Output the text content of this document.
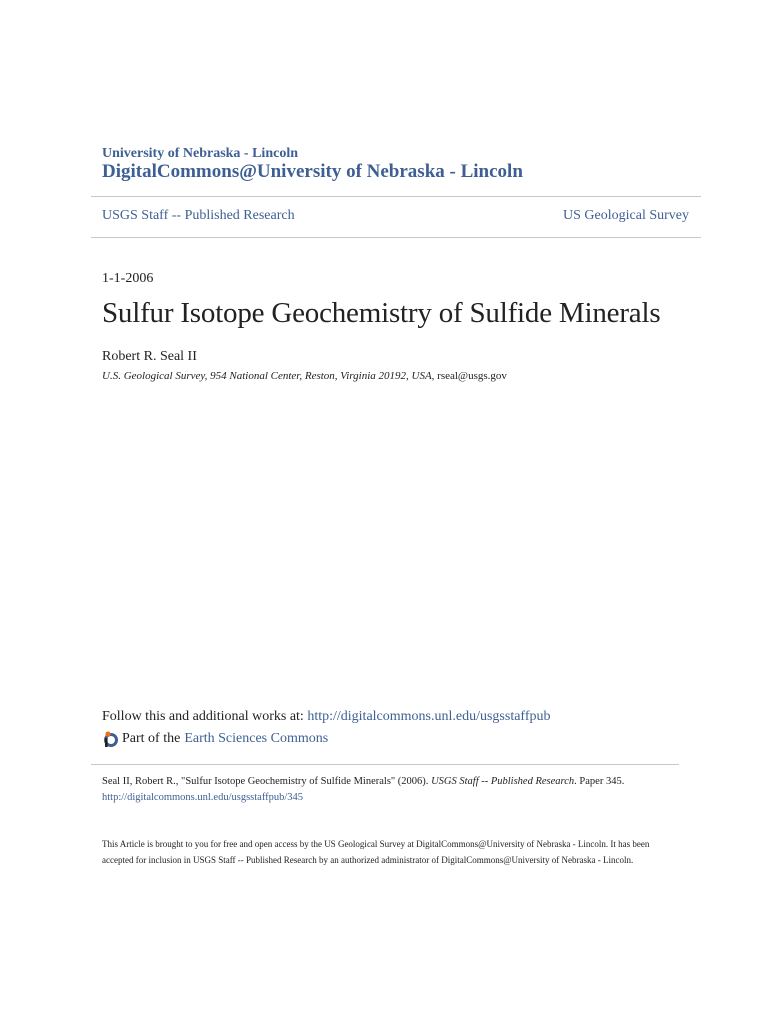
University of Nebraska - Lincoln
DigitalCommons@University of Nebraska - Lincoln
USGS Staff -- Published Research	US Geological Survey
1-1-2006
Sulfur Isotope Geochemistry of Sulfide Minerals
Robert R. Seal II
U.S. Geological Survey, 954 National Center, Reston, Virginia 20192, USA, rseal@usgs.gov
Follow this and additional works at: http://digitalcommons.unl.edu/usgsstaffpub
Part of the Earth Sciences Commons
Seal II, Robert R., "Sulfur Isotope Geochemistry of Sulfide Minerals" (2006). USGS Staff -- Published Research. Paper 345.
http://digitalcommons.unl.edu/usgsstaffpub/345
This Article is brought to you for free and open access by the US Geological Survey at DigitalCommons@University of Nebraska - Lincoln. It has been accepted for inclusion in USGS Staff -- Published Research by an authorized administrator of DigitalCommons@University of Nebraska - Lincoln.
